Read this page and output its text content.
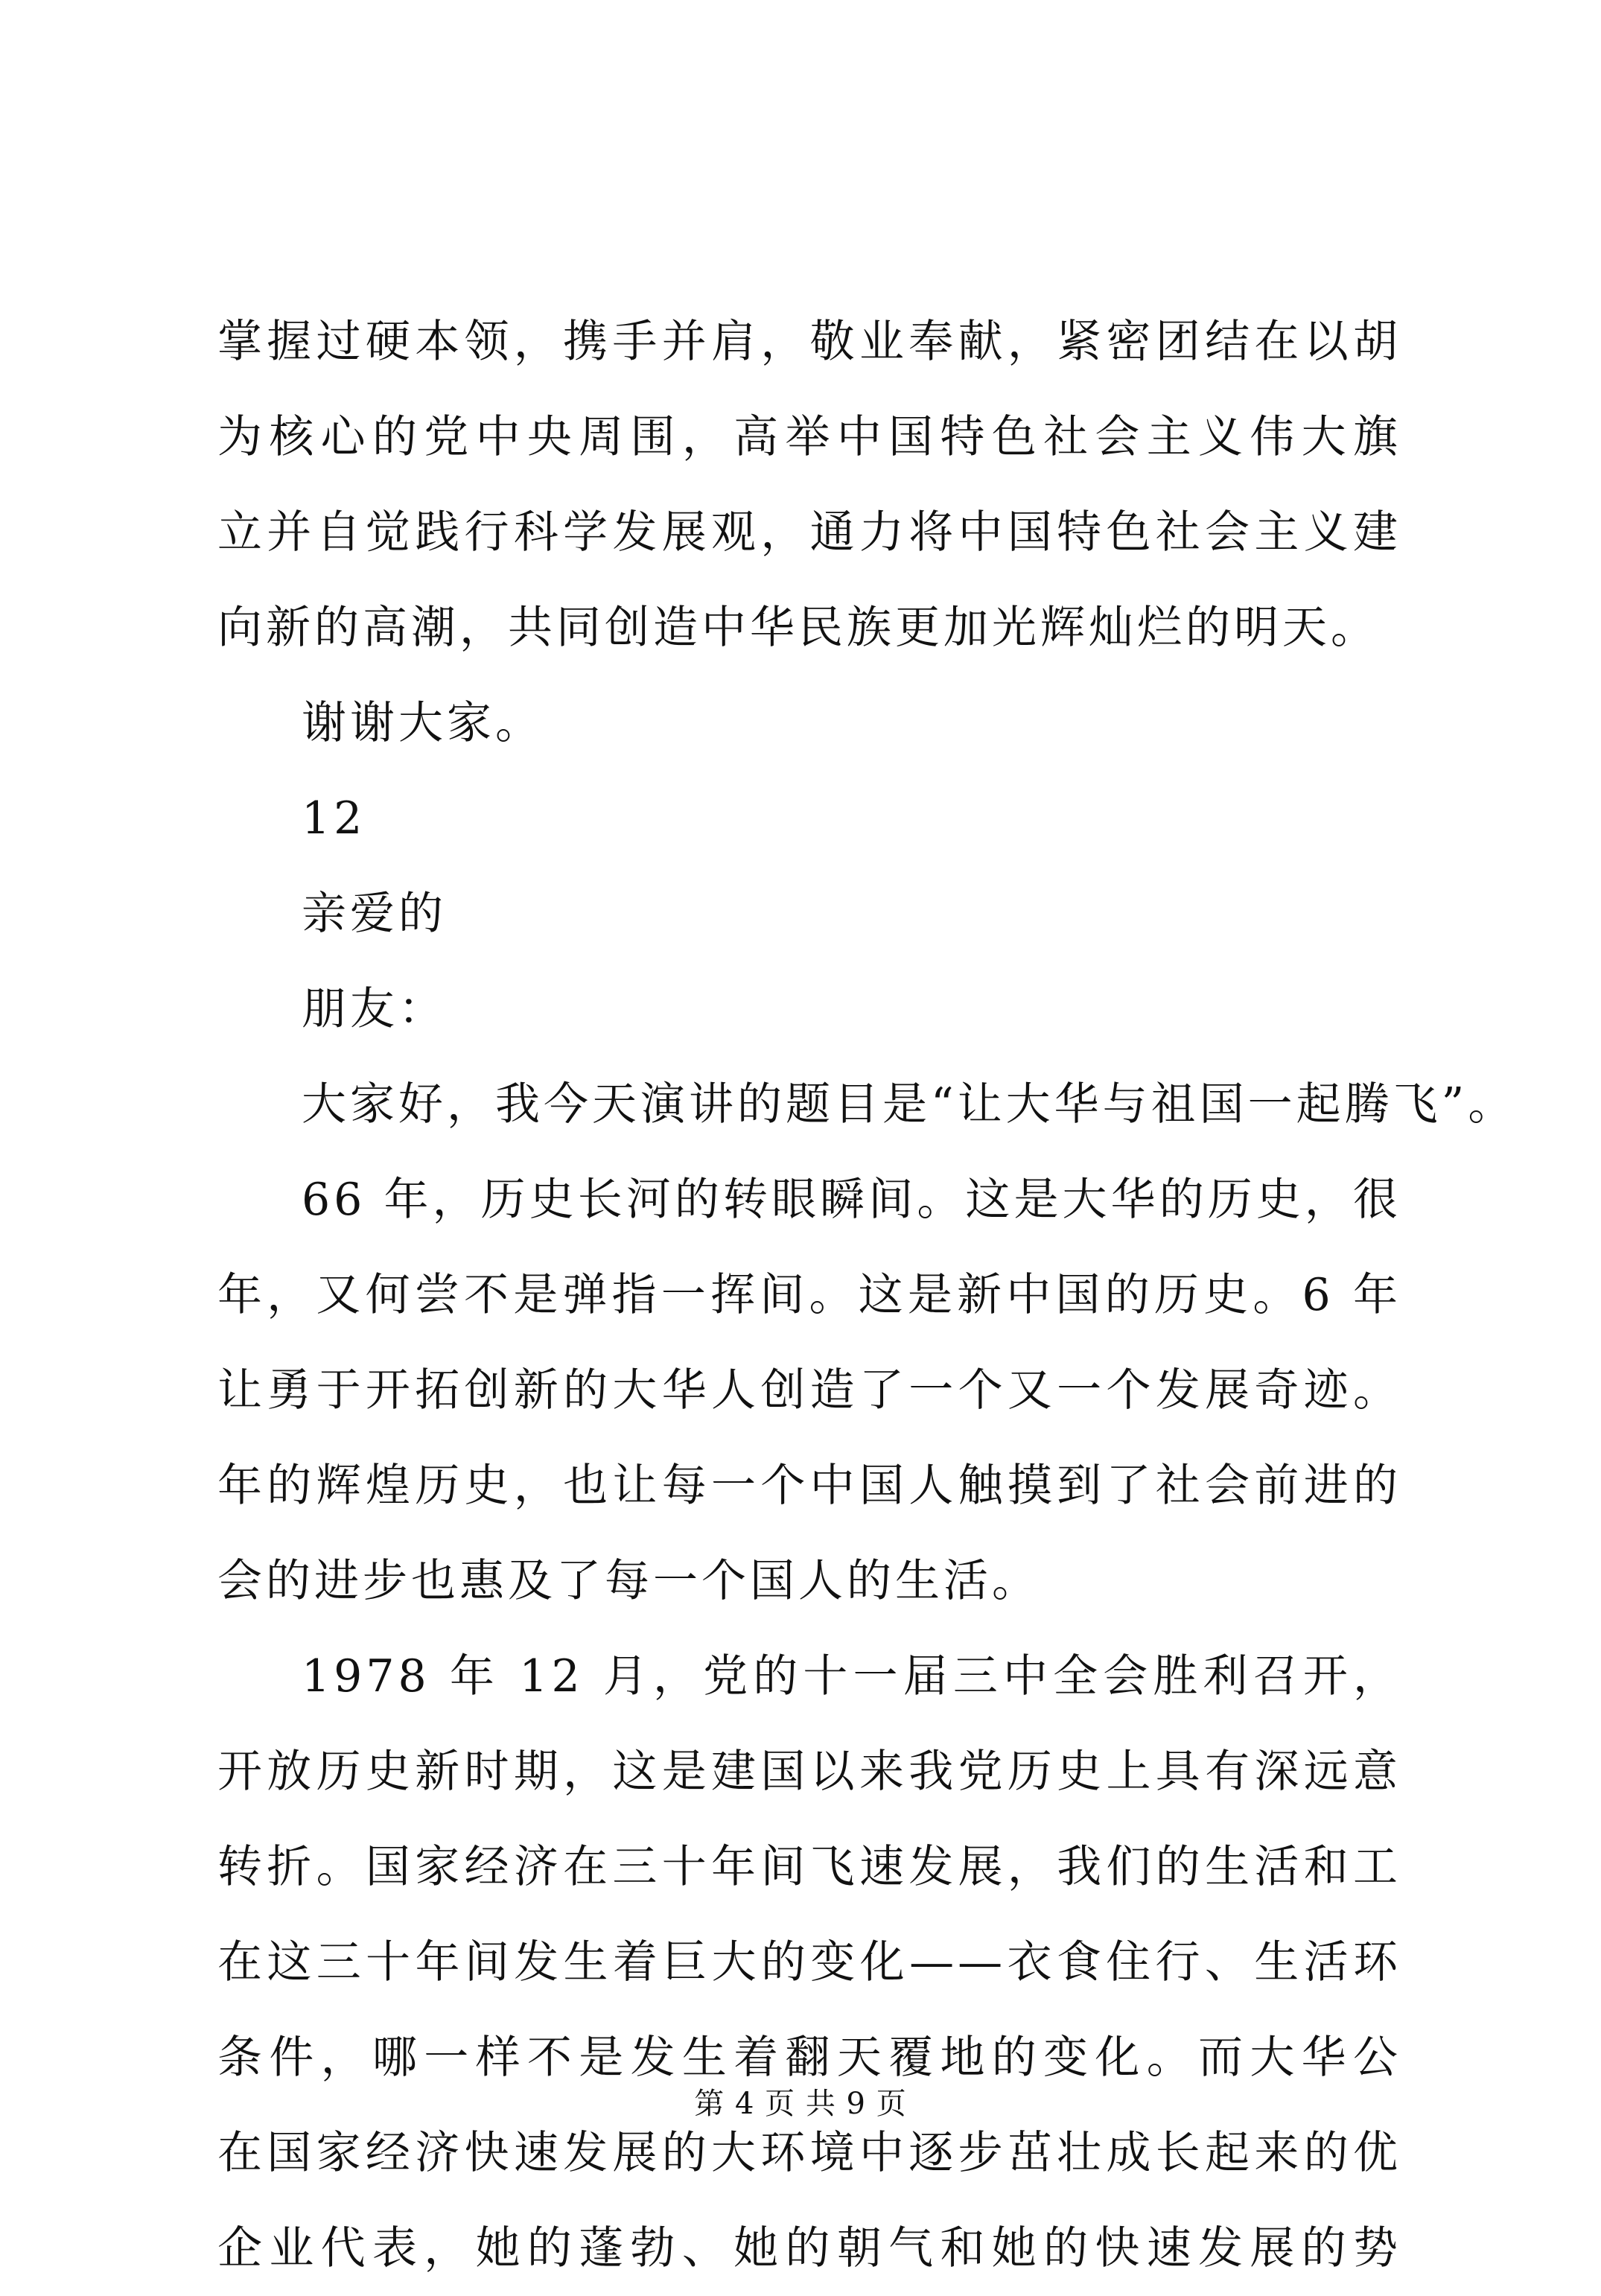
掌握过硬本领，携手并肩，敬业奉献，紧密团结在以胡
为核心的党中央周围，高举中国特色社会主义伟大旗
立并自觉践行科学发展观，通力将中国特色社会主义建
向新的高潮，共同创造中华民族更加光辉灿烂的明天。
谢谢大家。
12
亲爱的
朋友：
大家好，我今天演讲的题目是“让大华与祖国一起腾飞”。
66 年，历史长河的转眼瞬间。这是大华的历史，很
年，又何尝不是弹指一挥间。这是新中国的历史。6 年
让勇于开拓创新的大华人创造了一个又一个发展奇迹。
年的辉煌历史，也让每一个中国人触摸到了社会前进的
会的进步也惠及了每一个国人的生活。
1978 年 12 月，党的十一届三中全会胜利召开，
开放历史新时期，这是建国以来我党历史上具有深远意
转折。国家经济在三十年间飞速发展，我们的生活和工
在这三十年间发生着巨大的变化——衣食住行、生活环
条件，哪一样不是发生着翻天覆地的变化。而大华公
在国家经济快速发展的大环境中逐步茁壮成长起来的优
企业代表，她的蓬勃、她的朝气和她的快速发展的势
第 4 页 共 9 页
